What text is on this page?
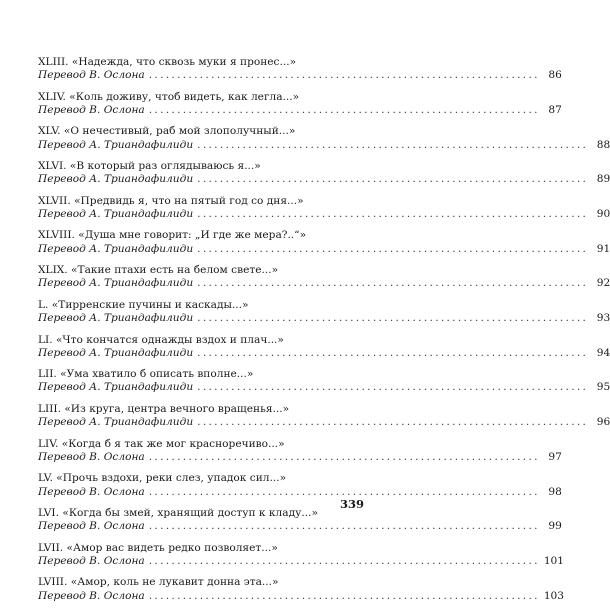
XLIII. «Надежда, что сквозь муки я пронес...»
Перевод В. Ослона ..................................................................... 86
XLIV. «Коль доживу, чтоб видеть, как легла...»
Перевод В. Ослона ..................................................................... 87
XLV. «О нечестивый, раб мой злополучный...»
Перевод А. Триандафилиди ..................................................................... 88
XLVI. «В который раз оглядываюсь я...»
Перевод А. Триандафилиди ..................................................................... 89
XLVII. «Предвидь я, что на пятый год со дня...»
Перевод А. Триандафилиди ..................................................................... 90
XLVIII. «Душа мне говорит: „И где же мера?..“»
Перевод А. Триандафилиди ..................................................................... 91
XLIX. «Такие птахи есть на белом свете...»
Перевод А. Триандафилиди ..................................................................... 92
L. «Тирренские пучины и каскады...»
Перевод А. Триандафилиди ..................................................................... 93
LI. «Что кончатся однажды вздох и плач...»
Перевод А. Триандафилиди ..................................................................... 94
LII. «Ума хватило б описать вполне...»
Перевод А. Триандафилиди ..................................................................... 95
LIII. «Из круга, центра вечного вращенья...»
Перевод А. Триандафилиди ..................................................................... 96
LIV. «Когда б я так же мог красноречиво...»
Перевод В. Ослона ..................................................................... 97
LV. «Прочь вздохи, реки слез, упадок сил...»
Перевод В. Ослона ..................................................................... 98
LVI. «Когда бы змей, хранящий доступ к кладу...»
Перевод В. Ослона ..................................................................... 99
LVII. «Амор вас видеть редко позволяет...»
Перевод В. Ослона ..................................................................... 101
LVIII. «Амор, коль не лукавит донна эта...»
Перевод В. Ослона ..................................................................... 103
339
